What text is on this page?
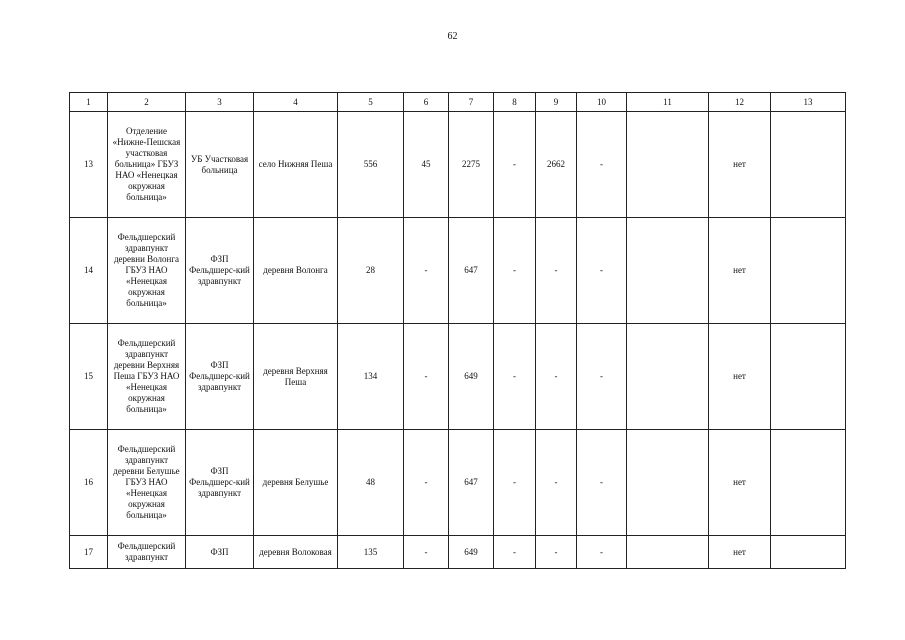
62
1	2	3	4	5	6	7	8	9	10	11	12	13
13	Отделение «Нижне-Пешская участковая больница» ГБУЗ НАО «Ненецкая окружная больница»	УБ Участковая больница	село Нижняя Пеша	556	45	2275	-	2662	-		нет	
14	Фельдшерский здравпункт деревни Волонга ГБУЗ НАО «Ненецкая окружная больница»	ФЗП Фельдшерс-кий здравпункт	деревня Волонга	28	-	647	-	-	-		нет	
15	Фельдшерский здравпункт деревни Верхняя Пеша ГБУЗ НАО «Ненецкая окружная больница»	ФЗП Фельдшерс-кий здравпункт	деревня Верхняя Пеша	134	-	649	-	-	-		нет	
16	Фельдшерский здравпункт деревни Белушье ГБУЗ НАО «Ненецкая окружная больница»	ФЗП Фельдшерс-кий здравпункт	деревня Белушье	48	-	647	-	-	-		нет	
17	Фельдшерский здравпункт	ФЗП	деревня Волоковая	135	-	649	-	-	-		нет	
